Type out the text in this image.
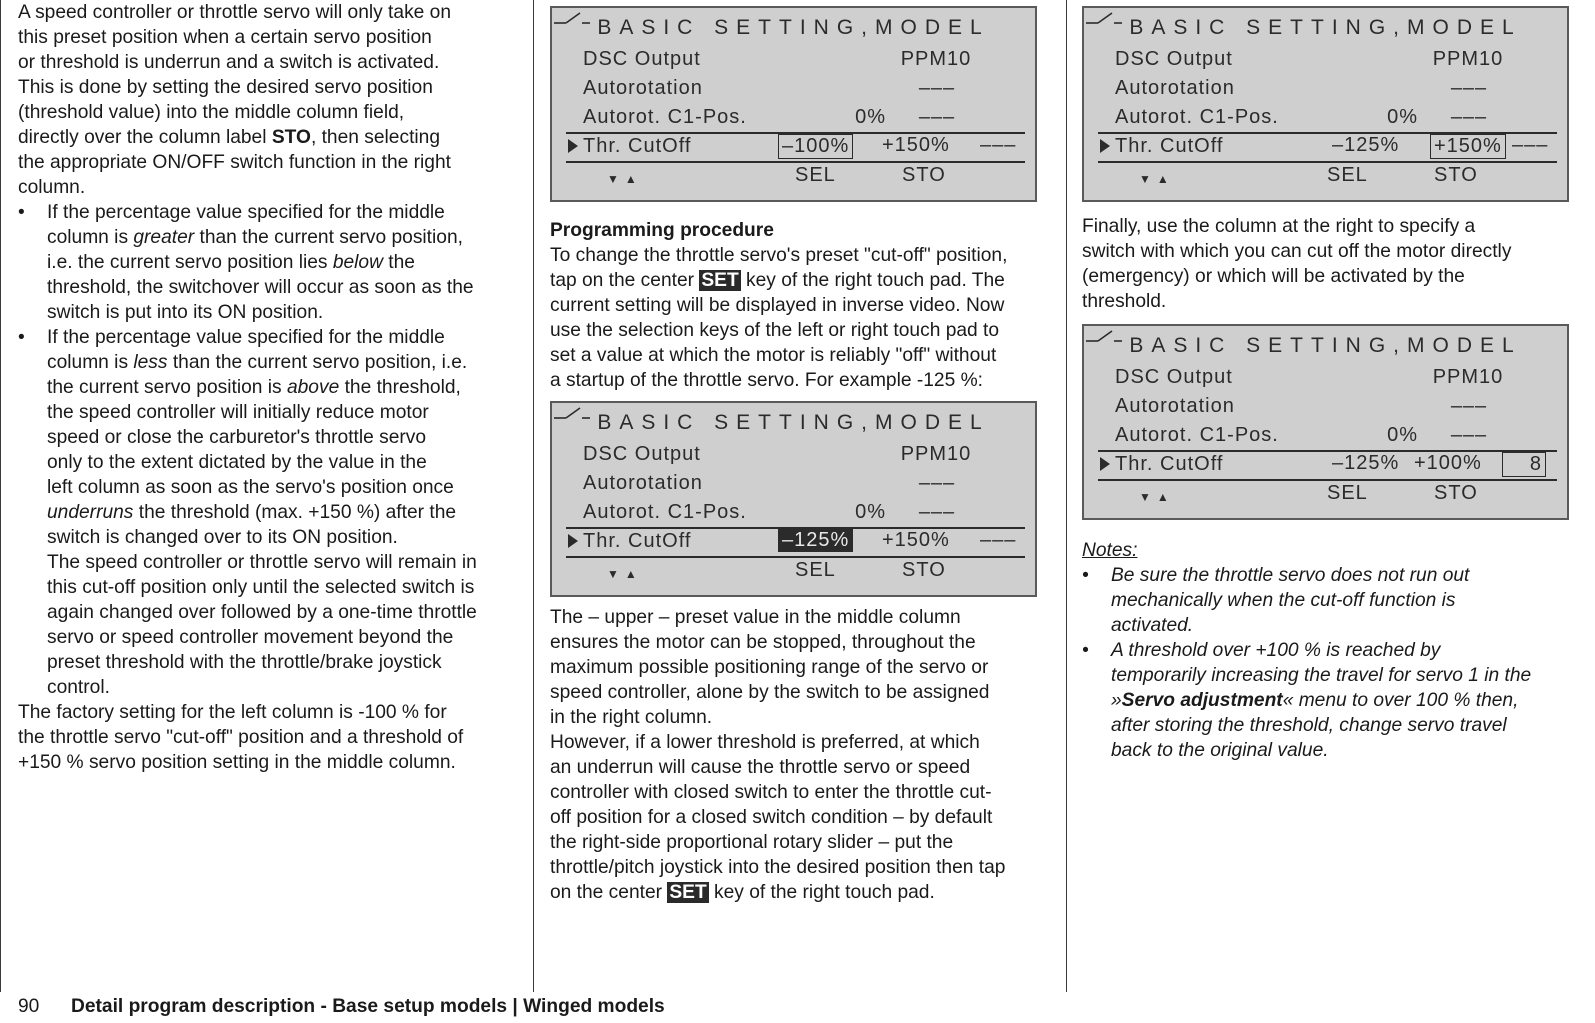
A speed controller or throttle servo will only take on
this preset position when a certain servo position
or threshold is underrun and a switch is activated.
This is done by setting the desired servo position
(threshold value) into the middle column field,
directly over the column label STO, then selecting
the appropriate ON/OFF switch function in the right
column.

• If the percentage value specified for the middle
column is greater than the current servo position,
i.e. the current servo position lies below the
threshold, the switchover will occur as soon as the
switch is put into its ON position.

• If the percentage value specified for the middle
column is less than the current servo position, i.e.
the current servo position is above the threshold,
the speed controller will initially reduce motor
speed or close the carburetor's throttle servo
only to the extent dictated by the value in the
left column as soon as the servo's position once
underruns the threshold (max. +150 %) after the
switch is changed over to its ON position.

The speed controller or throttle servo will remain in
this cut-off position only until the selected switch is
again changed over followed by a one-time throttle
servo or speed controller movement beyond the
preset threshold with the throttle/brake joystick
control.

The factory setting for the left column is -100 % for
the throttle servo "cut-off" position and a threshold of
+150 % servo position setting in the middle column.

BASIC SETTING,MODEL
DSC Output	PPM10
Autorotation	–––
Autorot. C1-Pos.	0%	–––
Thr. CutOff	–100% +150% –––
▼▲	SEL	STO

Programming procedure

To change the throttle servo's preset "cut-off" position,
tap on the center SET key of the right touch pad. The
current setting will be displayed in inverse video. Now
use the selection keys of the left or right touch pad to
set a value at which the motor is reliably "off" without
a startup of the throttle servo. For example -125 %:

BASIC SETTING,MODEL
DSC Output	PPM10
Autorotation	–––
Autorot. C1-Pos.	0%	–––
Thr. CutOff	–125% +150% –––
▼▲	SEL	STO

The – upper – preset value in the middle column
ensures the motor can be stopped, throughout the
maximum possible positioning range of the servo or
speed controller, alone by the switch to be assigned
in the right column.

However, if a lower threshold is preferred, at which
an underrun will cause the throttle servo or speed
controller with closed switch to enter the throttle cut-
off position for a closed switch condition – by default
the right-side proportional rotary slider – put the
throttle/pitch joystick into the desired position then tap
on the center SET key of the right touch pad.

BASIC SETTING,MODEL
DSC Output	PPM10
Autorotation	–––
Autorot. C1-Pos.	0%	–––
Thr. CutOff	–125% +150% –––
▼▲	SEL	STO

Finally, use the column at the right to specify a
switch with which you can cut off the motor directly
(emergency) or which will be activated by the
threshold.

BASIC SETTING,MODEL
DSC Output	PPM10
Autorotation	–––
Autorot. C1-Pos.	0%	–––
Thr. CutOff	–125% +100%	8
▼▲	SEL	STO

Notes:

• Be sure the throttle servo does not run out
mechanically when the cut-off function is
activated.

• A threshold over +100 % is reached by
temporarily increasing the travel for servo 1 in the
»Servo adjustment« menu to over 100 % then,
after storing the threshold, change servo travel
back to the original value.

90 Detail program description - Base setup models | Winged models
